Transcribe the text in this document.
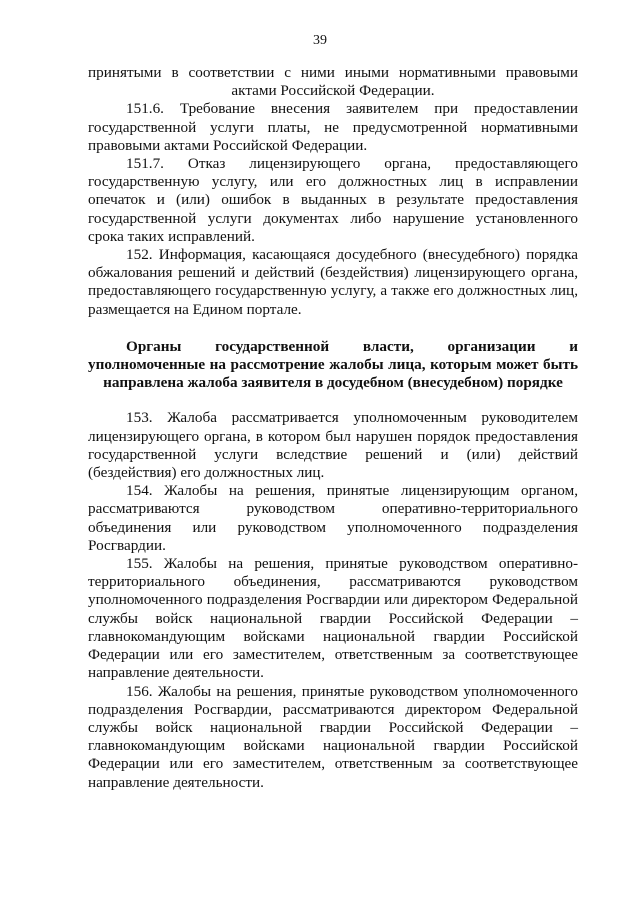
39

принятыми в соответствии с ними иными нормативными правовыми

актами Российской Федерации.

151.6. Требование внесения заявителем при предоставлении государственной услуги платы, не предусмотренной нормативными правовыми актами Российской Федерации.

151.7. Отказ лицензирующего органа, предоставляющего государственную услугу, или его должностных лиц в исправлении опечаток и (или) ошибок в выданных в результате предоставления государственной услуги документах либо нарушение установленного срока таких исправлений.

152. Информация, касающаяся досудебного (внесудебного) порядка обжалования решений и действий (бездействия) лицензирующего органа, предоставляющего государственную услугу, а также его должностных лиц, размещается на Едином портале.

Органы государственной власти, организации и
уполномоченные на рассмотрение жалобы лица, которым может быть
направлена жалоба заявителя в досудебном (внесудебном) порядке

153. Жалоба рассматривается уполномоченным руководителем лицензирующего органа, в котором был нарушен порядок предоставления государственной услуги вследствие решений и (или) действий (бездействия) его должностных лиц.

154. Жалобы на решения, принятые лицензирующим органом, рассматриваются руководством оперативно-территориального объединения или руководством уполномоченного подразделения Росгвардии.

155. Жалобы на решения, принятые руководством оперативно-территориального объединения, рассматриваются руководством уполномоченного подразделения Росгвардии или директором Федеральной службы войск национальной гвардии Российской Федерации – главнокомандующим войсками национальной гвардии Российской Федерации или его заместителем, ответственным за соответствующее направление деятельности.

156. Жалобы на решения, принятые руководством уполномоченного подразделения Росгвардии, рассматриваются директором Федеральной службы войск национальной гвардии Российской Федерации – главнокомандующим войсками национальной гвардии Российской Федерации или его заместителем, ответственным за соответствующее направление деятельности.
